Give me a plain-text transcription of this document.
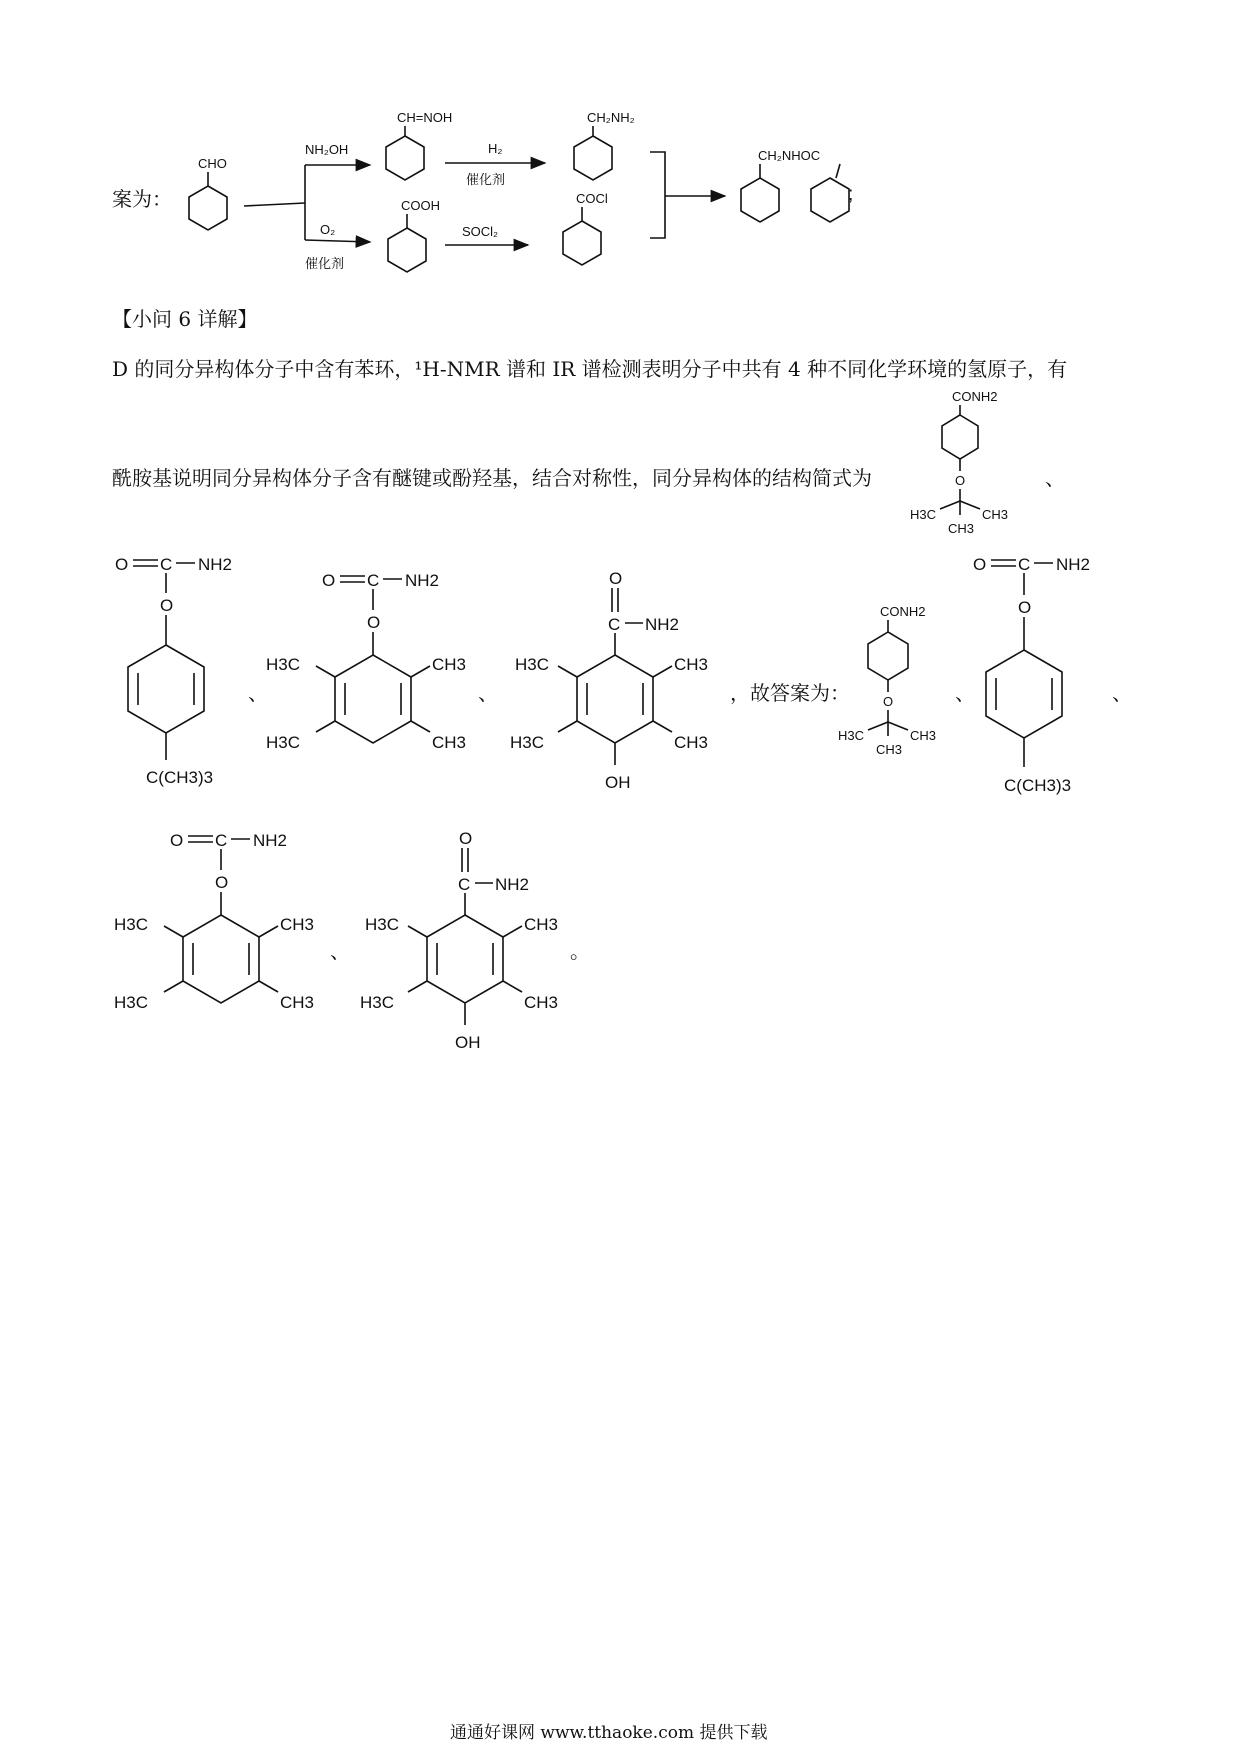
案为：
CHO
NH₂OH
O₂
催化剂
CH=NOH
H₂
催化剂
CH₂NH₂
COOH
SOCl₂
COCl
CH₂NHOC
;
【小问 6 详解】
D 的同分异构体分子中含有苯环，¹H-NMR 谱和 IR 谱检测表明分子中共有 4 种不同化学环境的氢原子，有
酰胺基说明同分异构体分子含有醚键或酚羟基，结合对称性，同分异构体的结构简式为	、
CONH2
O
H3C	CH3
CH3
O C NH2
O
C(CH3)3
、
O C NH2
O
H3C	CH3
H3C	CH3
、
O
C NH2
H3C	CH3
H3C	CH3
OH
，故答案为：
CONH2
O
H3C	CH3
CH3
、
O C NH2
O
C(CH3)3
、
O C NH2
O
H3C	CH3
H3C	CH3
、
O
C NH2
H3C	CH3
H3C	CH3
OH
。
通通好课网 www.tthaoke.com 提供下载
